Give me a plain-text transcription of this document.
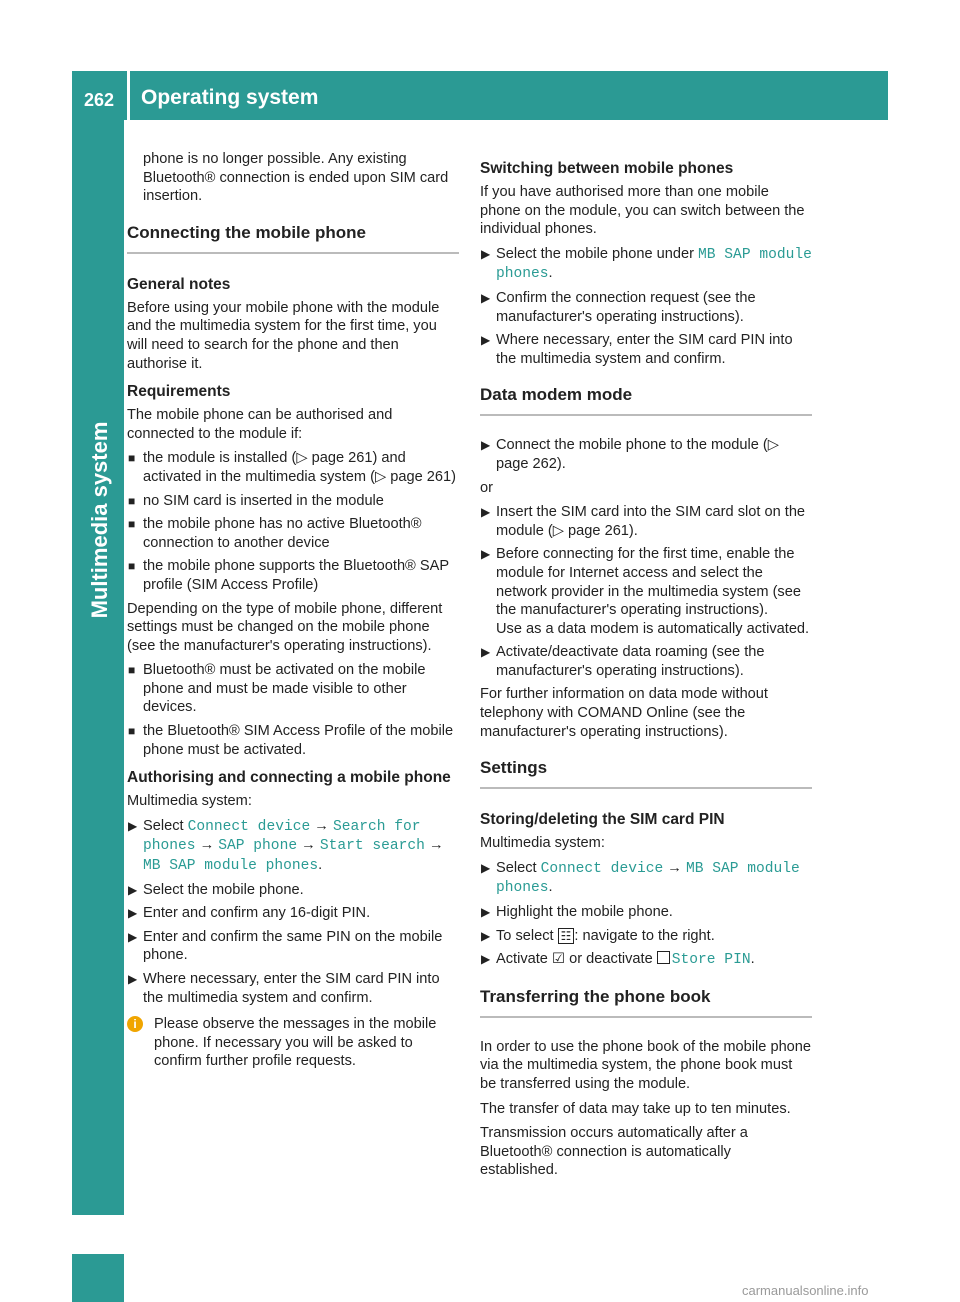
262 Operating system
Multimedia system

phone is no longer possible. Any existing Bluetooth® connection is ended upon SIM card insertion.

Connecting the mobile phone
General notes

Before using your mobile phone with the module and the multimedia system for the first time, you will need to search for the phone and then authorise it.

Requirements

The mobile phone can be authorised and connected to the module if:

■ the module is installed (▷ page 261) and activated in the multimedia system (▷ page 261)
■ no SIM card is inserted in the module
■ the mobile phone has no active Bluetooth® connection to another device
■ the mobile phone supports the Bluetooth® SAP profile (SIM Access Profile)

Depending on the type of mobile phone, different settings must be changed on the mobile phone (see the manufacturer's operating instructions).

■ Bluetooth® must be activated on the mobile phone and must be made visible to other devices.
■ the Bluetooth® SIM Access Profile of the mobile phone must be activated.
Authorising and connecting a mobile phone

Multimedia system:

▶ Select Connect device → Search for phones → SAP phone → Start search → MB SAP module phones.
▶ Select the mobile phone.
▶ Enter and confirm any 16-digit PIN.
▶ Enter and confirm the same PIN on the mobile phone.
▶ Where necessary, enter the SIM card PIN into the multimedia system and confirm.
i	Please observe the messages in the mobile phone. If necessary you will be asked to confirm further profile requests.
Switching between mobile phones

If you have authorised more than one mobile phone on the module, you can switch between the individual phones.

▶ Select the mobile phone under MB SAP module phones.
▶ Confirm the connection request (see the manufacturer's operating instructions).
▶ Where necessary, enter the SIM card PIN into the multimedia system and confirm.
Data modem mode
▶ Connect the mobile phone to the module (▷ page 262).

or

▶ Insert the SIM card into the SIM card slot on the module (▷ page 261).
▶ Before connecting for the first time, enable the module for Internet access and select the network provider in the multimedia system (see the manufacturer's operating instructions).
Use as a data modem is automatically activated.
▶ Activate/deactivate data roaming (see the manufacturer's operating instructions).

For further information on data mode without telephony with COMAND Online (see the manufacturer's operating instructions).

Settings
Storing/deleting the SIM card PIN

Multimedia system:

▶ Select Connect device → MB SAP module phones.
▶ Highlight the mobile phone.
▶ To select ☷ : navigate to the right.
▶ Activate ☑ or deactivate Store PIN.
Transferring the phone book

In order to use the phone book of the mobile phone via the multimedia system, the phone book must be transferred using the module.

The transfer of data may take up to ten minutes.

Transmission occurs automatically after a Bluetooth® connection is automatically established.

carmanualsonline.info
